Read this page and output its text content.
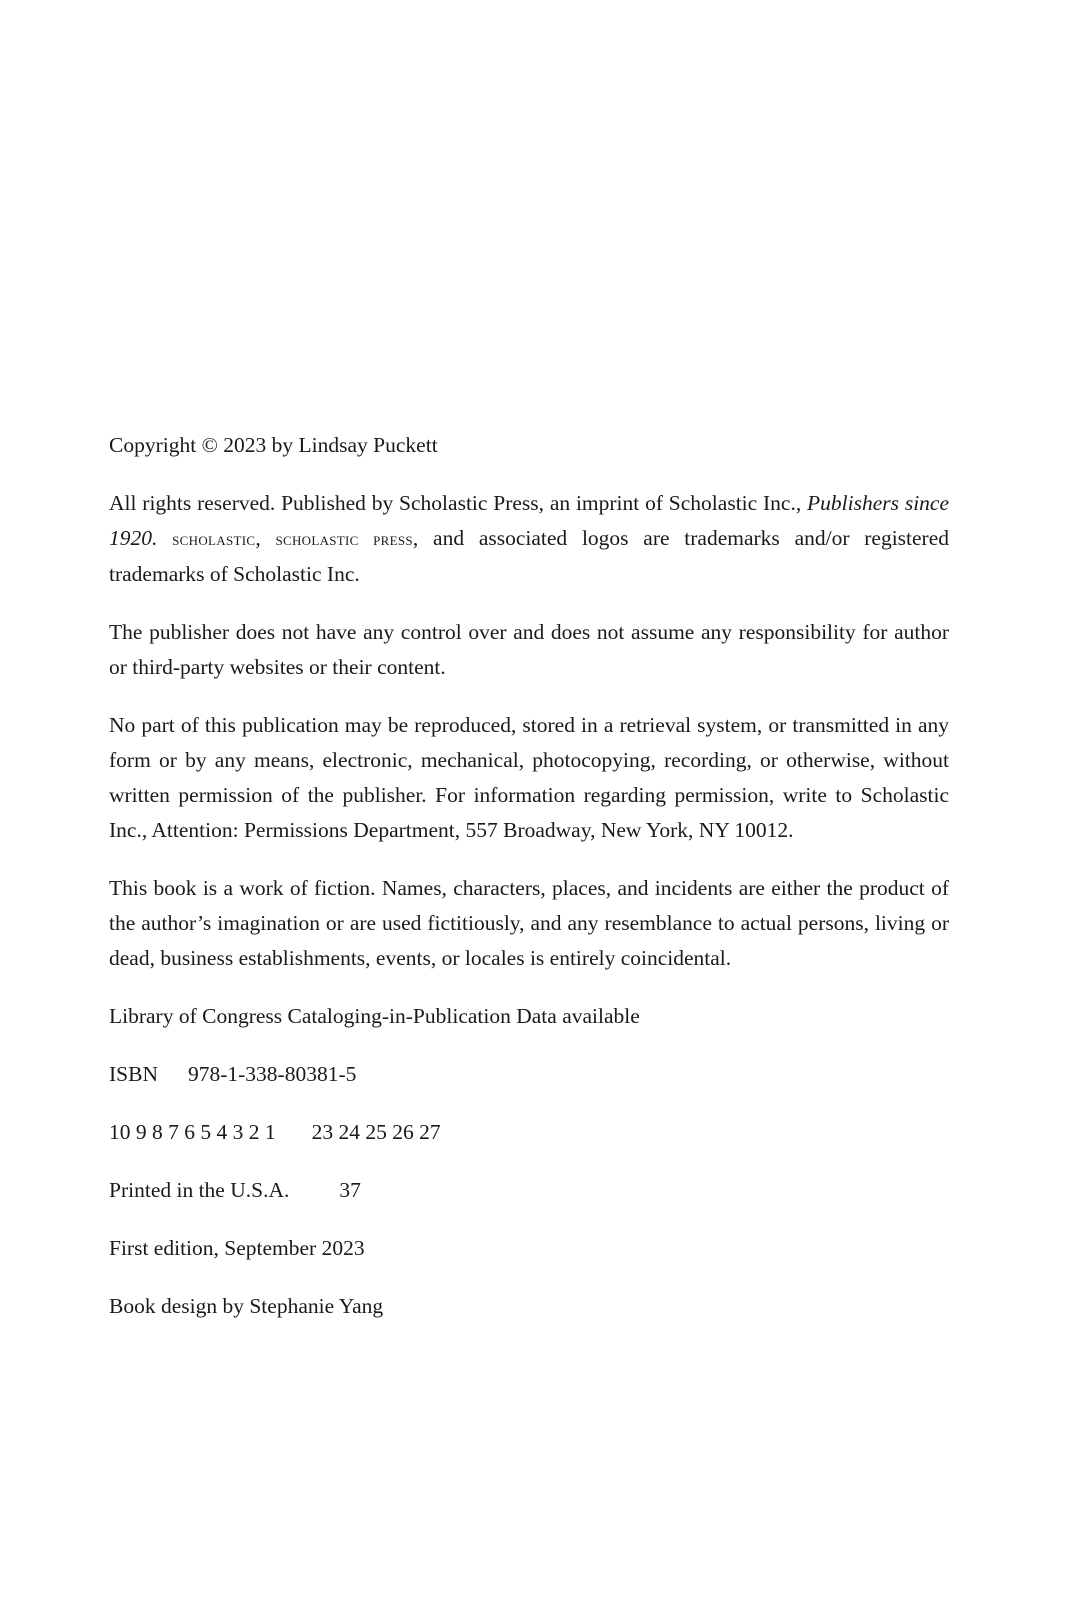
Copyright © 2023 by Lindsay Puckett

All rights reserved. Published by Scholastic Press, an imprint of Scholastic Inc., Publishers since 1920. scholastic, scholastic press, and associated logos are trademarks and/or registered trademarks of Scholastic Inc.

The publisher does not have any control over and does not assume any responsibility for author or third-party websites or their content.

No part of this publication may be reproduced, stored in a retrieval system, or transmitted in any form or by any means, electronic, mechanical, photocopying, recording, or otherwise, without written permission of the publisher. For information regarding permission, write to Scholastic Inc., Attention: Permissions Department, 557 Broadway, New York, NY 10012.

This book is a work of fiction. Names, characters, places, and incidents are either the product of the author’s imagination or are used fictitiously, and any resemblance to actual persons, living or dead, business establishments, events, or locales is entirely coincidental.

Library of Congress Cataloging-in-Publication Data available

ISBN 978-1-338-80381-5

10 9 8 7 6 5 4 3 2 1 23 24 25 26 27

Printed in the U.S.A. 37

First edition, September 2023

Book design by Stephanie Yang
